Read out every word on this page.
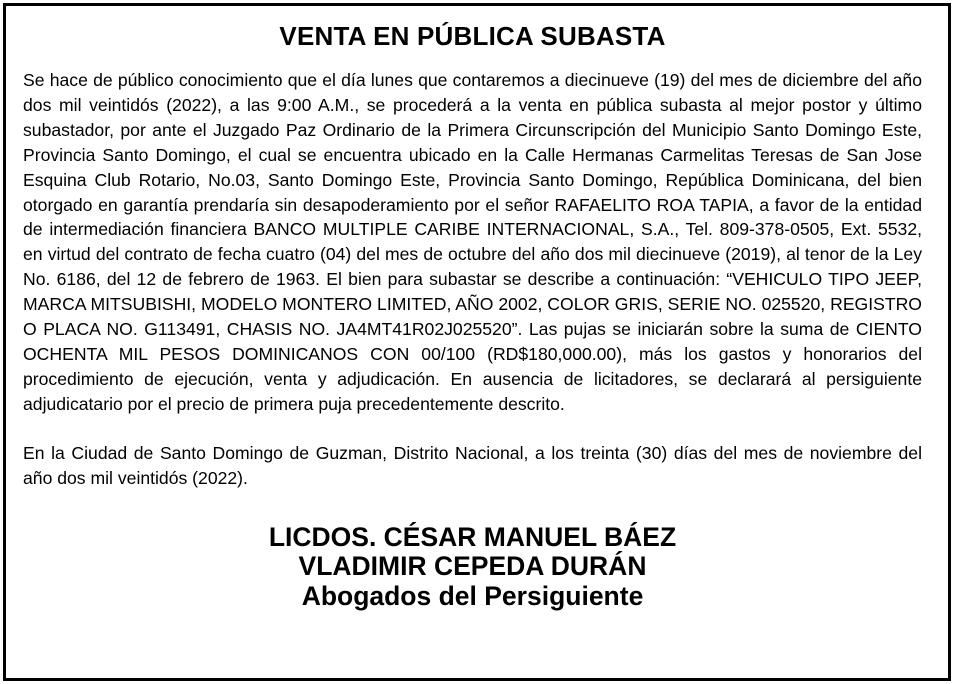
VENTA EN PÚBLICA SUBASTA

Se hace de público conocimiento que el día lunes que contaremos a diecinueve (19) del mes de diciembre del año dos mil veintidós (2022), a las 9:00 A.M., se procederá a la venta en pública subasta al mejor postor y último subastador, por ante el Juzgado Paz Ordinario de la Primera Circunscripción del Municipio Santo Domingo Este, Provincia Santo Domingo, el cual se encuentra ubicado en la Calle Hermanas Carmelitas Teresas de San Jose Esquina Club Rotario, No.03, Santo Domingo Este, Provincia Santo Domingo, República Dominicana, del bien otorgado en garantía prendaría sin desapoderamiento por el señor RAFAELITO ROA TAPIA, a favor de la entidad de intermediación financiera BANCO MULTIPLE CARIBE INTERNACIONAL, S.A., Tel. 809-378-0505, Ext. 5532, en virtud del contrato de fecha cuatro (04) del mes de octubre del año dos mil diecinueve (2019), al tenor de la Ley No. 6186, del 12 de febrero de 1963. El bien para subastar se describe a continuación: “VEHICULO TIPO JEEP, MARCA MITSUBISHI, MODELO MONTERO LIMITED, AÑO 2002, COLOR GRIS, SERIE NO. 025520, REGISTRO O PLACA NO. G113491, CHASIS NO. JA4MT41R02J025520”. Las pujas se iniciarán sobre la suma de CIENTO OCHENTA MIL PESOS DOMINICANOS CON 00/100 (RD$180,000.00), más los gastos y honorarios del procedimiento de ejecución, venta y adjudicación. En ausencia de licitadores, se declarará al persiguiente adjudicatario por el precio de primera puja precedentemente descrito.

En la Ciudad de Santo Domingo de Guzman, Distrito Nacional, a los treinta (30) días del mes de noviembre del año dos mil veintidós (2022).

LICDOS. CÉSAR MANUEL BÁEZ
VLADIMIR CEPEDA DURÁN
Abogados del Persiguiente
